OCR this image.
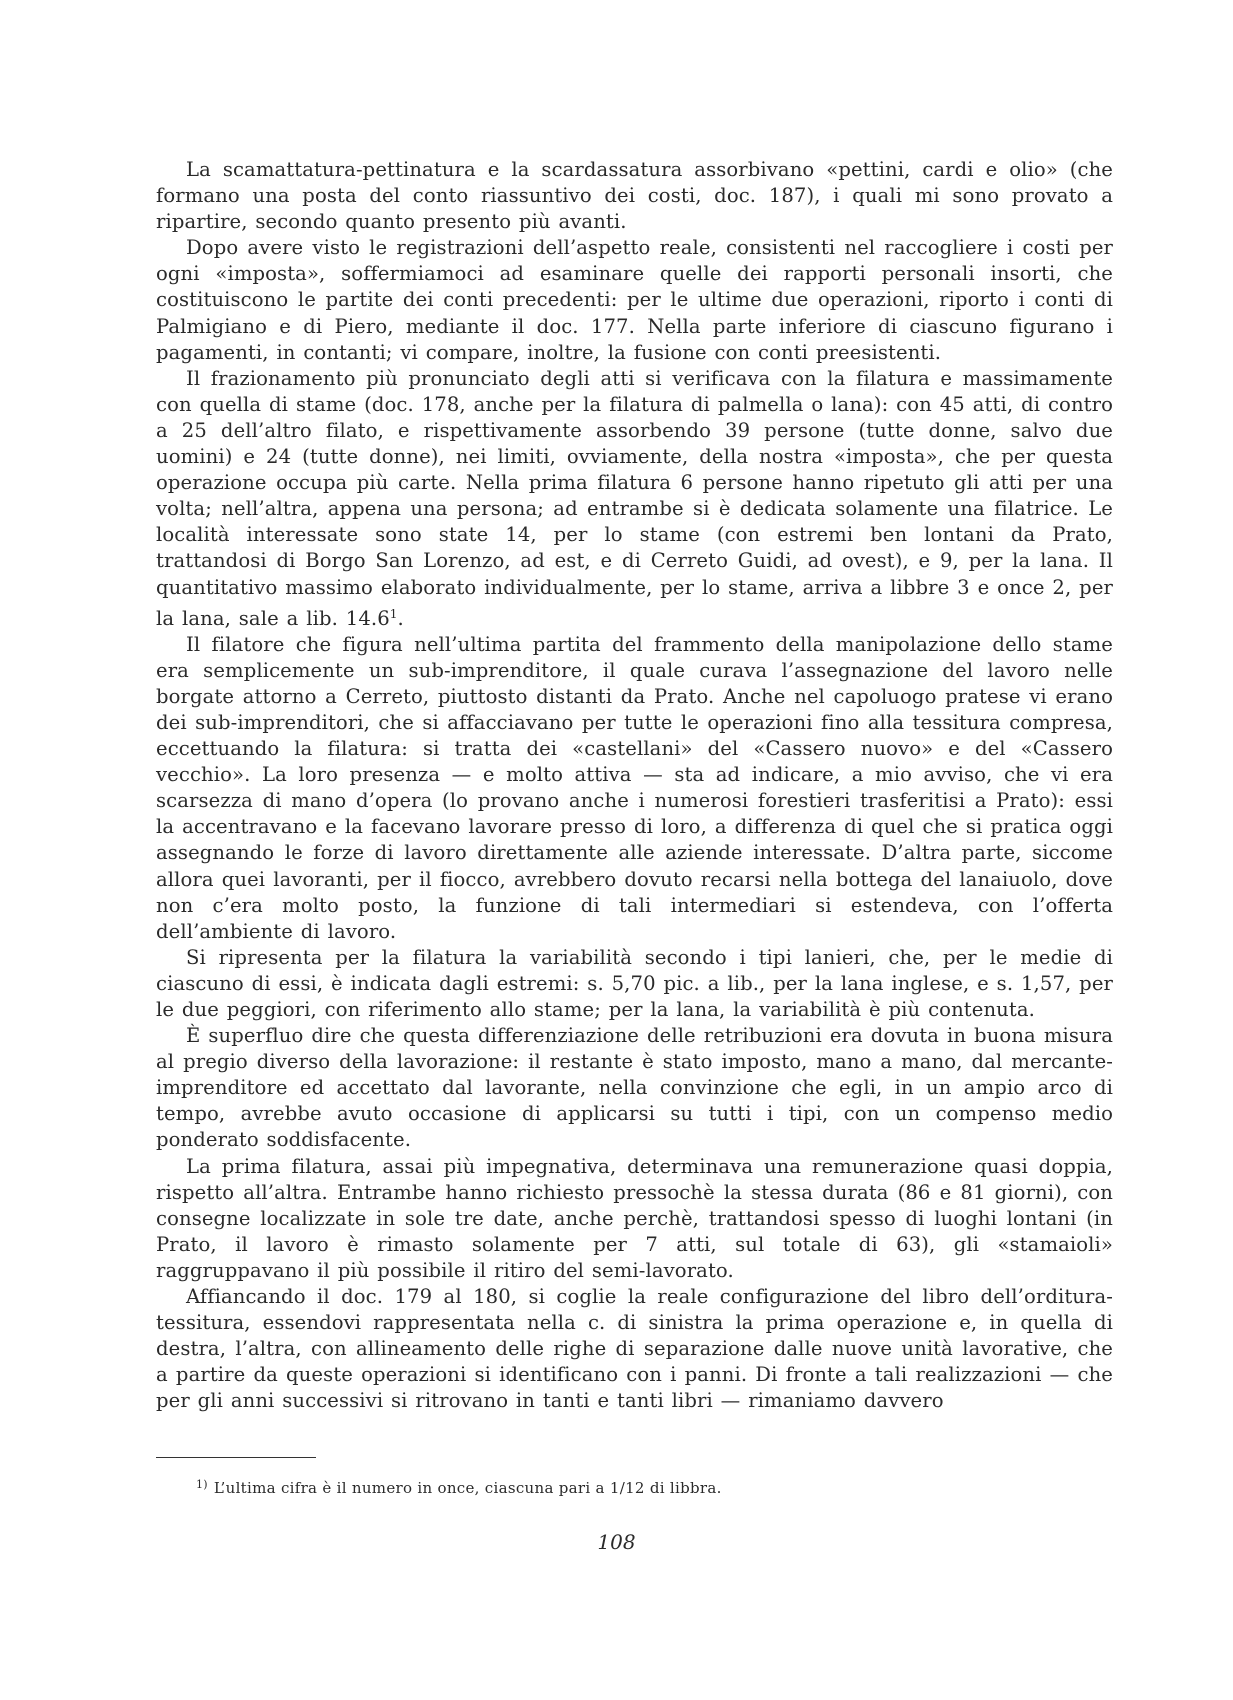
La scamattatura-pettinatura e la scardassatura assorbivano «pettini, cardi e olio» (che formano una posta del conto riassuntivo dei costi, doc. 187), i quali mi sono provato a ripartire, secondo quanto presento più avanti.

Dopo avere visto le registrazioni dell’aspetto reale, consistenti nel raccogliere i costi per ogni «imposta», soffermiamoci ad esaminare quelle dei rapporti personali insorti, che costituiscono le partite dei conti precedenti: per le ultime due operazioni, riporto i conti di Palmigiano e di Piero, mediante il doc. 177. Nella parte inferiore di ciascuno figurano i pagamenti, in contanti; vi compare, inoltre, la fusione con conti preesistenti.

Il frazionamento più pronunciato degli atti si verificava con la filatura e massimamente con quella di stame (doc. 178, anche per la filatura di palmella o lana): con 45 atti, di contro a 25 dell’altro filato, e rispettivamente assorbendo 39 persone (tutte donne, salvo due uomini) e 24 (tutte donne), nei limiti, ovviamente, della nostra «imposta», che per questa operazione occupa più carte. Nella prima filatura 6 persone hanno ripetuto gli atti per una volta; nell’altra, appena una persona; ad entrambe si è dedicata solamente una filatrice. Le località interessate sono state 14, per lo stame (con estremi ben lontani da Prato, trattandosi di Borgo San Lorenzo, ad est, e di Cerreto Guidi, ad ovest), e 9, per la lana. Il quantitativo massimo elaborato individualmente, per lo stame, arriva a libbre 3 e once 2, per la lana, sale a lib. 14.6$^1$.

Il filatore che figura nell’ultima partita del frammento della manipolazione dello stame era semplicemente un sub-imprenditore, il quale curava l’assegnazione del lavoro nelle borgate attorno a Cerreto, piuttosto distanti da Prato. Anche nel capoluogo pratese vi erano dei sub-imprenditori, che si affacciavano per tutte le operazioni fino alla tessitura compresa, eccettuando la filatura: si tratta dei «castellani» del «Cassero nuovo» e del «Cassero vecchio». La loro presenza — e molto attiva — sta ad indicare, a mio avviso, che vi era scarsezza di mano d’opera (lo provano anche i numerosi forestieri trasferitisi a Prato): essi la accentravano e la facevano lavorare presso di loro, a differenza di quel che si pratica oggi assegnando le forze di lavoro direttamente alle aziende interessate. D’altra parte, siccome allora quei lavoranti, per il fiocco, avrebbero dovuto recarsi nella bottega del lanaiuolo, dove non c’era molto posto, la funzione di tali intermediari si estendeva, con l’offerta dell’ambiente di lavoro.

Si ripresenta per la filatura la variabilità secondo i tipi lanieri, che, per le medie di ciascuno di essi, è indicata dagli estremi: s. 5,70 pic. a lib., per la lana inglese, e s. 1,57, per le due peggiori, con riferimento allo stame; per la lana, la variabilità è più contenuta.

È superfluo dire che questa differenziazione delle retribuzioni era dovuta in buona misura al pregio diverso della lavorazione: il restante è stato imposto, mano a mano, dal mercante-imprenditore ed accettato dal lavorante, nella convinzione che egli, in un ampio arco di tempo, avrebbe avuto occasione di applicarsi su tutti i tipi, con un compenso medio ponderato soddisfacente.

La prima filatura, assai più impegnativa, determinava una remunerazione quasi doppia, rispetto all’altra. Entrambe hanno richiesto pressochè la stessa durata (86 e 81 giorni), con consegne localizzate in sole tre date, anche perchè, trattandosi spesso di luoghi lontani (in Prato, il lavoro è rimasto solamente per 7 atti, sul totale di 63), gli «stamaioli» raggruppavano il più possibile il ritiro del semi-lavorato.

Affiancando il doc. 179 al 180, si coglie la reale configurazione del libro dell’orditura-tessitura, essendovi rappresentata nella c. di sinistra la prima operazione e, in quella di destra, l’altra, con allineamento delle righe di separazione dalle nuove unità lavorative, che a partire da queste operazioni si identificano con i panni. Di fronte a tali realizzazioni — che per gli anni successivi si ritrovano in tanti e tanti libri — rimaniamo davvero

$^{1)}$ L’ultima cifra è il numero in once, ciascuna pari a 1/12 di libbra.
108
